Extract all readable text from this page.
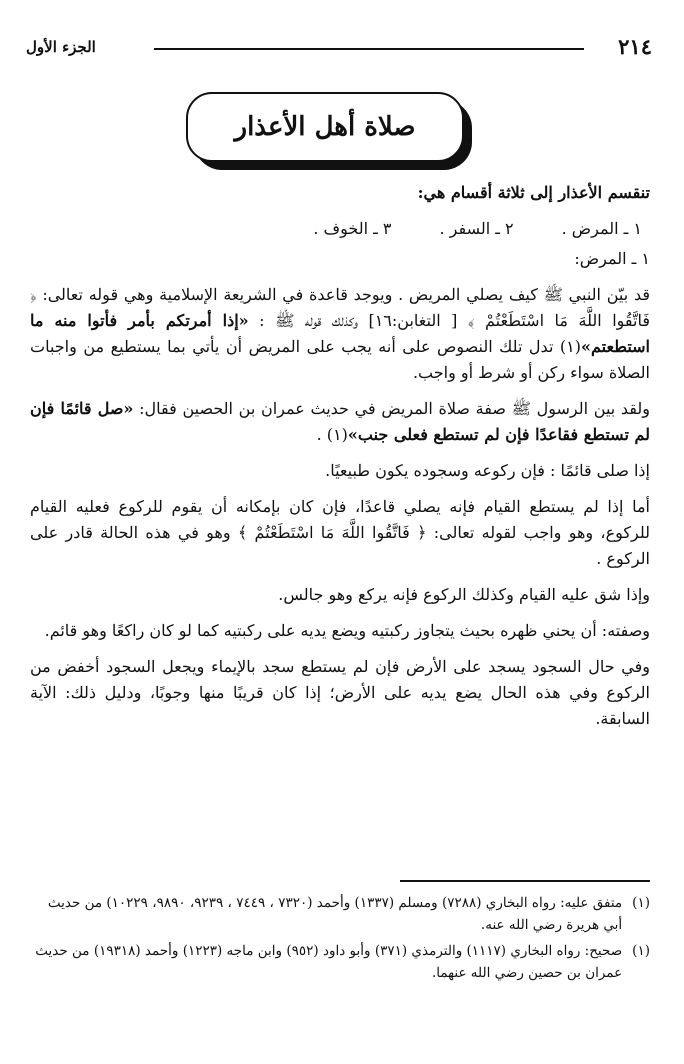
٢١٤
الجزء الأول
صلاة أهل الأعذار

تنقسم الأعذار إلى ثلاثة أقسام هي:

١ ـ المرض .
٢ ـ السفر .
٣ ـ الخوف .

١ ـ المرض:

قد بيّن النبي ﷺ كيف يصلي المريض . ويوجد قاعدة في الشريعة الإسلامية وهي قوله تعالى: ﴿ فَاتَّقُوا اللَّهَ مَا اسْتَطَعْتُمْ ﴾ [ التغابن:١٦] وكذلك قوله ﷺ : «إذا أمرتكم بأمر فأتوا منه ما استطعتم»(١) تدل تلك النصوص على أنه يجب على المريض أن يأتي بما يستطيع من واجبات الصلاة سواء ركن أو شرط أو واجب.

ولقد بين الرسول ﷺ صفة صلاة المريض في حديث عمران بن الحصين فقال: «صل قائمًا فإن لم تستطع فقاعدًا فإن لم تستطع فعلى جنب»(١) .

إذا صلى قائمًا : فإن ركوعه وسجوده يكون طبيعيًا.

أما إذا لم يستطع القيام فإنه يصلي قاعدًا، فإن كان بإمكانه أن يقوم للركوع فعليه القيام للركوع، وهو واجب لقوله تعالى: ﴿ فَاتَّقُوا اللَّهَ مَا اسْتَطَعْتُمْ ﴾ وهو في هذه الحالة قادر على الركوع .

وإذا شق عليه القيام وكذلك الركوع فإنه يركع وهو جالس.

وصفته: أن يحني ظهره بحيث يتجاوز ركبتيه ويضع يديه على ركبتيه كما لو كان راكعًا وهو قائم.

وفي حال السجود يسجد على الأرض فإن لم يستطع سجد بالإيماء ويجعل السجود أخفض من الركوع وفي هذه الحال يضع يديه على الأرض؛ إذا كان قريبًا منها وجوبًا، ودليل ذلك: الآية السابقة.

(١)
متفق عليه: رواه البخاري (٧٢٨٨) ومسلم (١٣٣٧) وأحمد (٧٣٢٠ ، ٧٤٤٩ ، ٩٢٣٩، ٩٨٩٠، ١٠٢٢٩) من حديث أبي هريرة رضي الله عنه.
(١)
صحيح: رواه البخاري (١١١٧) والترمذي (٣٧١) وأبو داود (٩٥٢) وابن ماجه (١٢٢٣) وأحمد (١٩٣١٨) من حديث عمران بن حصين رضي الله عنهما.
